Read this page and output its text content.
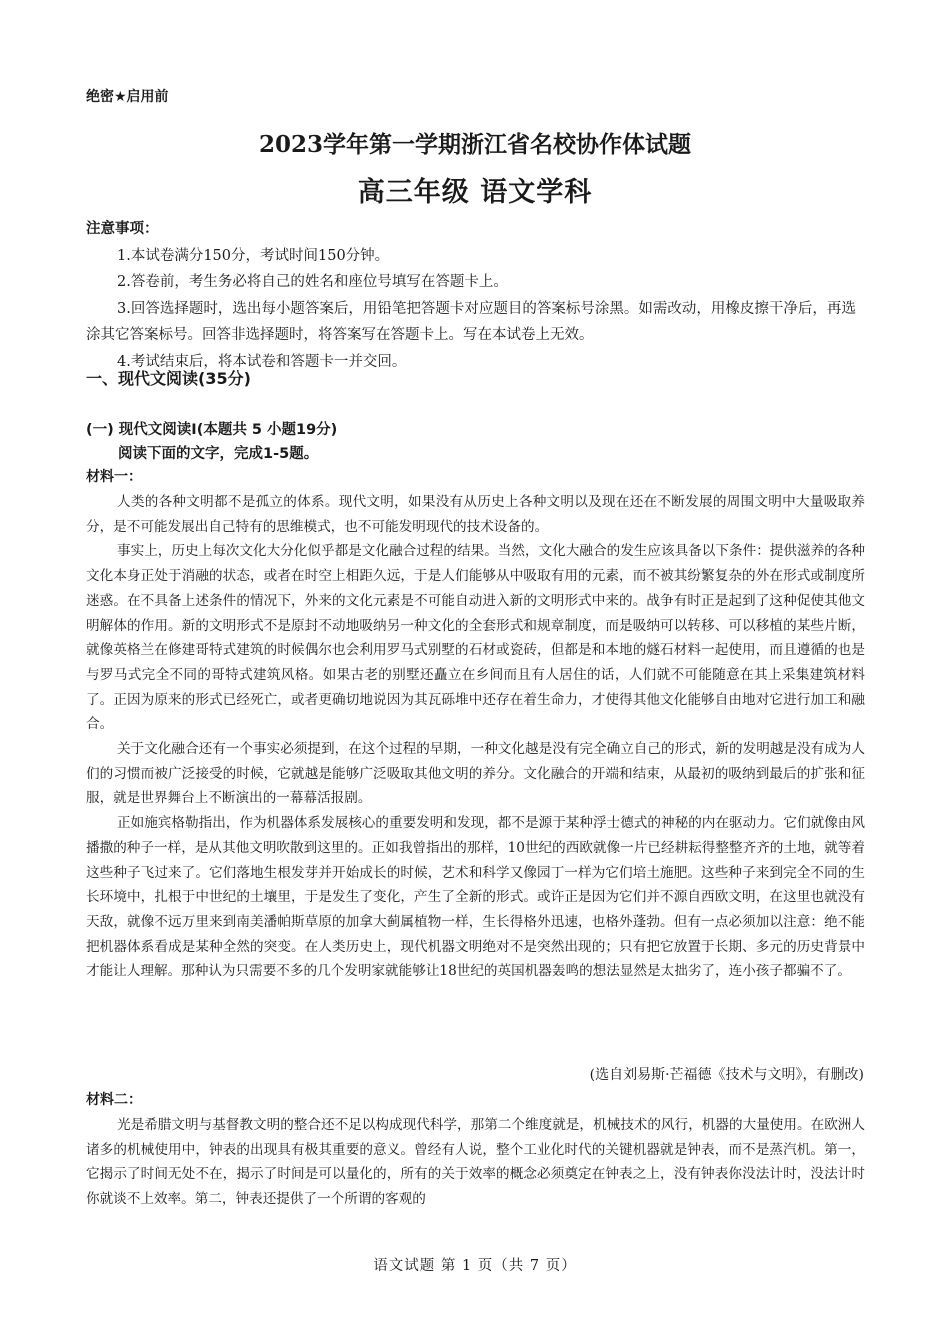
绝密★启用前
2023学年第一学期浙江省名校协作体试题
高三年级 语文学科
注意事项：

1.本试卷满分150分，考试时间150分钟。

2.答卷前，考生务必将自己的姓名和座位号填写在答题卡上。

3.回答选择题时，选出每小题答案后，用铅笔把答题卡对应题目的答案标号涂黑。如需改动，用橡皮擦干净后，再选涂其它答案标号。回答非选择题时，将答案写在答题卡上。写在本试卷上无效。

4.考试结束后，将本试卷和答题卡一并交回。

一、现代文阅读(35分)
(一) 现代文阅读Ⅰ(本题共 5 小题19分)
阅读下面的文字，完成1-5题。
材料一：

人类的各种文明都不是孤立的体系。现代文明，如果没有从历史上各种文明以及现在还在不断发展的周围文明中大量吸取养分，是不可能发展出自己特有的思维模式，也不可能发明现代的技术设备的。

事实上，历史上每次文化大分化似乎都是文化融合过程的结果。当然，文化大融合的发生应该具备以下条件：提供滋养的各种文化本身正处于消融的状态，或者在时空上相距久远，于是人们能够从中吸取有用的元素，而不被其纷繁复杂的外在形式或制度所迷惑。在不具备上述条件的情况下，外来的文化元素是不可能自动进入新的文明形式中来的。战争有时正是起到了这种促使其他文明解体的作用。新的文明形式不是原封不动地吸纳另一种文化的全套形式和规章制度，而是吸纳可以转移、可以移植的某些片断，就像英格兰在修建哥特式建筑的时候偶尔也会利用罗马式别墅的石材或瓷砖，但都是和本地的燧石材料一起使用，而且遵循的也是与罗马式完全不同的哥特式建筑风格。如果古老的别墅还矗立在乡间而且有人居住的话，人们就不可能随意在其上采集建筑材料了。正因为原来的形式已经死亡，或者更确切地说因为其瓦砾堆中还存在着生命力，才使得其他文化能够自由地对它进行加工和融合。

关于文化融合还有一个事实必须提到，在这个过程的早期，一种文化越是没有完全确立自己的形式，新的发明越是没有成为人们的习惯而被广泛接受的时候，它就越是能够广泛吸取其他文明的养分。文化融合的开端和结束，从最初的吸纳到最后的扩张和征服，就是世界舞台上不断演出的一幕幕活报剧。

正如施宾格勒指出，作为机器体系发展核心的重要发明和发现，都不是源于某种浮士德式的神秘的内在驱动力。它们就像由风播撒的种子一样，是从其他文明吹散到这里的。正如我曾指出的那样，10世纪的西欧就像一片已经耕耘得整整齐齐的土地，就等着这些种子飞过来了。它们落地生根发芽并开始成长的时候，艺术和科学又像园丁一样为它们培土施肥。这些种子来到完全不同的生长环境中，扎根于中世纪的土壤里，于是发生了变化，产生了全新的形式。或许正是因为它们并不源自西欧文明，在这里也就没有天敌，就像不远万里来到南美潘帕斯草原的加拿大蓟属植物一样，生长得格外迅速，也格外蓬勃。但有一点必须加以注意：绝不能把机器体系看成是某种全然的突变。在人类历史上，现代机器文明绝对不是突然出现的；只有把它放置于长期、多元的历史背景中才能让人理解。那种认为只需要不多的几个发明家就能够让18世纪的英国机器轰鸣的想法显然是太拙劣了，连小孩子都骗不了。

(选自刘易斯·芒福德《技术与文明》，有删改)
材料二：

光是希腊文明与基督教文明的整合还不足以构成现代科学，那第二个维度就是，机械技术的风行，机器的大量使用。在欧洲人诸多的机械使用中，钟表的出现具有极其重要的意义。曾经有人说，整个工业化时代的关键机器就是钟表，而不是蒸汽机。第一，它揭示了时间无处不在，揭示了时间是可以量化的，所有的关于效率的概念必须奠定在钟表之上，没有钟表你没法计时，没法计时你就谈不上效率。第二，钟表还提供了一个所谓的客观的

语文试题 第 1 页（共 7 页）
